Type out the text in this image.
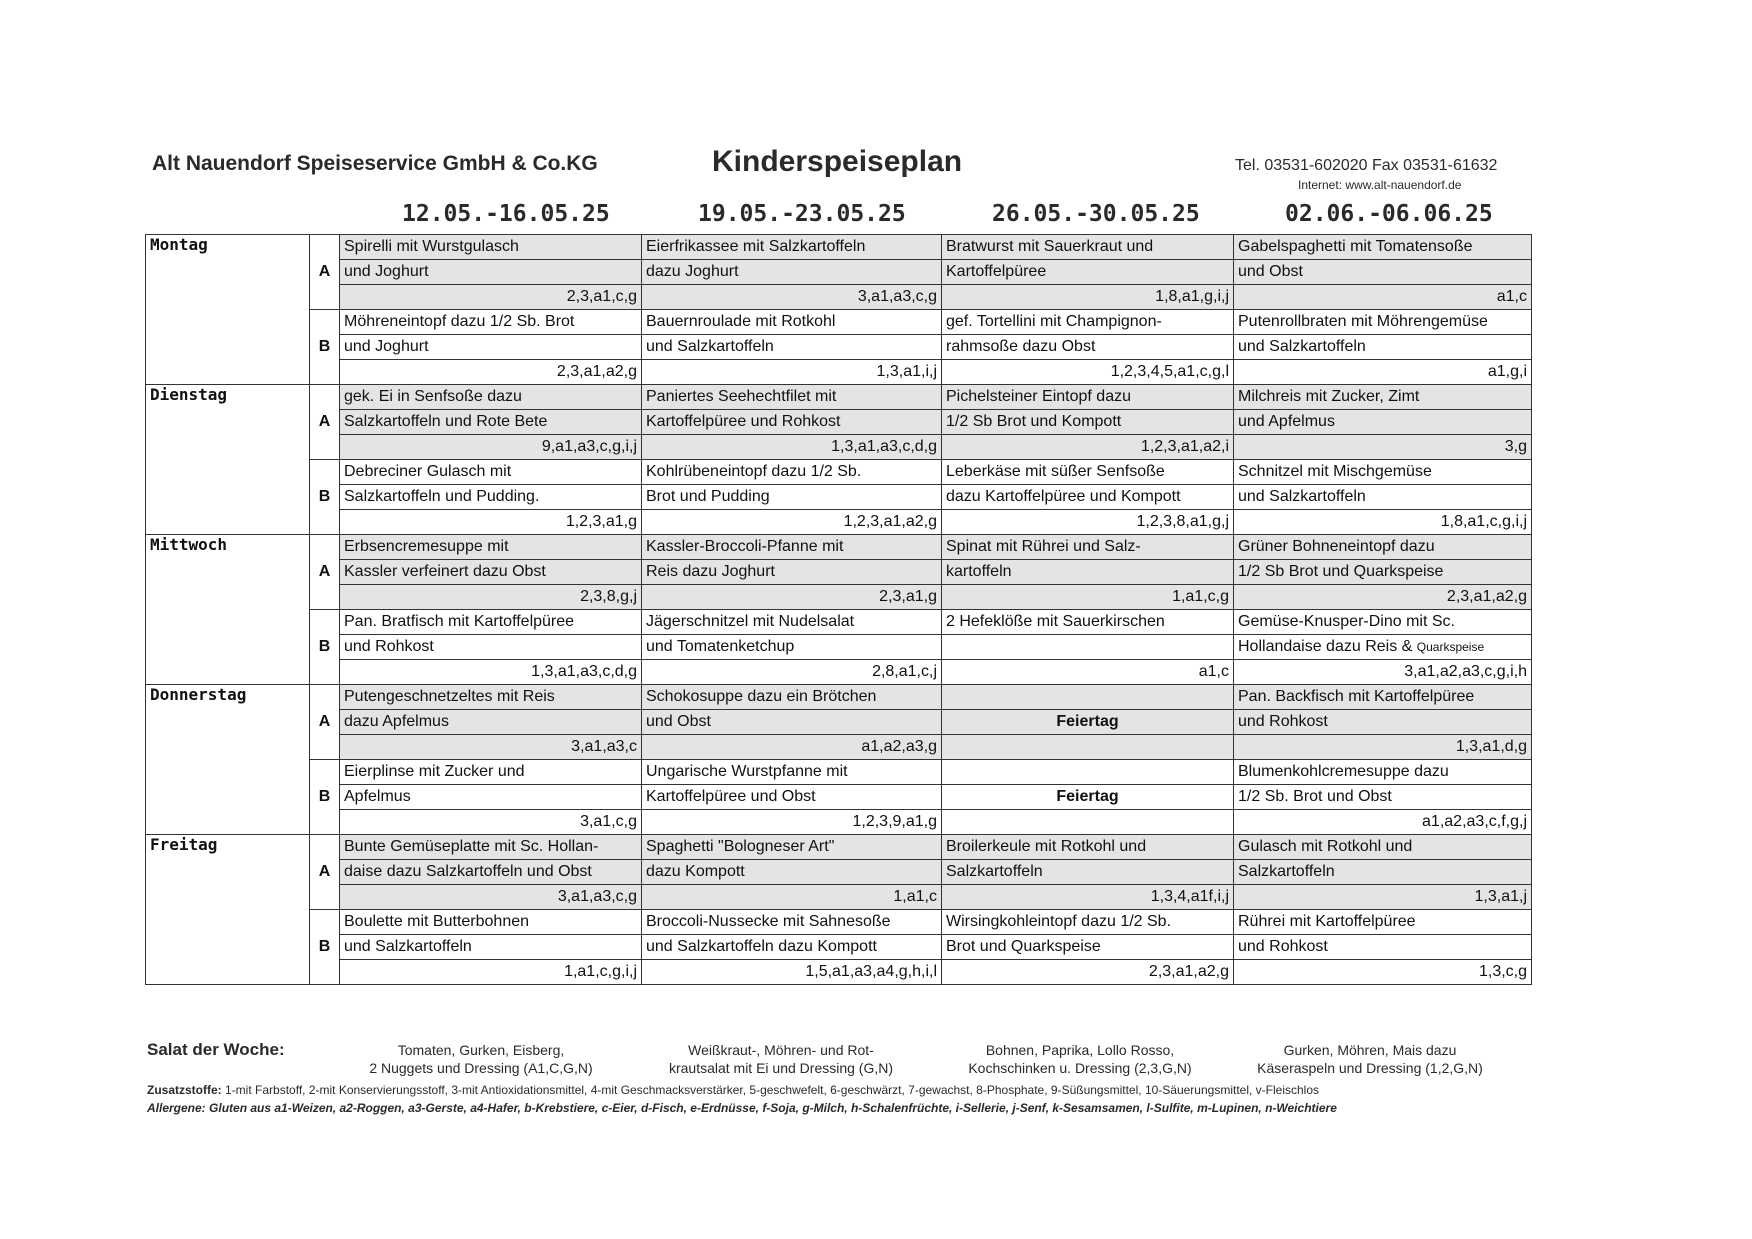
Alt Nauendorf Speiseservice GmbH & Co.KG	Kinderspeiseplan	Tel. 03531-602020 Fax 03531-61632
Internet: www.alt-nauendorf.de
12.05.-16.05.25	19.05.-23.05.25	26.05.-30.05.25	02.06.-06.06.25
Montag	A	Spirelli mit Wurstgulasch	Eierfrikassee mit Salzkartoffeln	Bratwurst mit Sauerkraut und	Gabelspaghetti mit Tomatensoße
		und Joghurt	dazu Joghurt	Kartoffelpüree	und Obst
		2,3,a1,c,g	3,a1,a3,c,g	1,8,a1,g,i,j	a1,c
	B	Möhreneintopf dazu 1/2 Sb. Brot	Bauernroulade mit Rotkohl	gef. Tortellini mit Champignon-	Putenrollbraten mit Möhrengemüse
		und Joghurt	und Salzkartoffeln	rahmsoße dazu Obst	und Salzkartoffeln
		2,3,a1,a2,g	1,3,a1,i,j	1,2,3,4,5,a1,c,g,l	a1,g,i
Dienstag	A	gek. Ei in Senfsoße dazu	Paniertes Seehechtfilet mit	Pichelsteiner Eintopf dazu	Milchreis mit Zucker, Zimt
		Salzkartoffeln und Rote Bete	Kartoffelpüree und Rohkost	1/2 Sb Brot und Kompott	und Apfelmus
		9,a1,a3,c,g,i,j	1,3,a1,a3,c,d,g	1,2,3,a1,a2,i	3,g
	B	Debreciner Gulasch mit	Kohlrübeneintopf dazu 1/2 Sb.	Leberkäse mit süßer Senfsoße	Schnitzel mit Mischgemüse
		Salzkartoffeln und Pudding.	Brot und Pudding	dazu Kartoffelpüree und Kompott	und Salzkartoffeln
		1,2,3,a1,g	1,2,3,a1,a2,g	1,2,3,8,a1,g,j	1,8,a1,c,g,i,j
Mittwoch	A	Erbsencremesuppe mit	Kassler-Broccoli-Pfanne mit	Spinat mit Rührei und Salz-	Grüner Bohneneintopf dazu
		Kassler verfeinert dazu Obst	Reis dazu Joghurt	kartoffeln	1/2 Sb Brot und Quarkspeise
		2,3,8,g,j	2,3,a1,g	1,a1,c,g	2,3,a1,a2,g
	B	Pan. Bratfisch mit Kartoffelpüree	Jägerschnitzel mit Nudelsalat	2 Hefeklöße mit Sauerkirschen	Gemüse-Knusper-Dino mit Sc.
		und Rohkost	und Tomatenketchup		Hollandaise dazu Reis & Quarkspeise
		1,3,a1,a3,c,d,g	2,8,a1,c,j	a1,c	3,a1,a2,a3,c,g,i,h
Donnerstag	A	Putengeschnetzeltes mit Reis	Schokosuppe dazu ein Brötchen		Pan. Backfisch mit Kartoffelpüree
		dazu Apfelmus	und Obst	Feiertag	und Rohkost
		3,a1,a3,c	a1,a2,a3,g		1,3,a1,d,g
	B	Eierplinse mit Zucker und	Ungarische Wurstpfanne mit		Blumenkohlcremesuppe dazu
		Apfelmus	Kartoffelpüree und Obst	Feiertag	1/2 Sb. Brot und Obst
		3,a1,c,g	1,2,3,9,a1,g		a1,a2,a3,c,f,g,j
Freitag	A	Bunte Gemüseplatte mit Sc. Hollan-	Spaghetti "Bologneser Art"	Broilerkeule mit Rotkohl und	Gulasch mit Rotkohl und
		daise dazu Salzkartoffeln und Obst	dazu Kompott	Salzkartoffeln	Salzkartoffeln
		3,a1,a3,c,g	1,a1,c	1,3,4,a1f,i,j	1,3,a1,j
	B	Boulette mit Butterbohnen	Broccoli-Nussecke mit Sahnesoße	Wirsingkohleintopf dazu 1/2 Sb.	Rührei mit Kartoffelpüree
		und Salzkartoffeln	und Salzkartoffeln dazu Kompott	Brot und Quarkspeise	und Rohkost
		1,a1,c,g,i,j	1,5,a1,a3,a4,g,h,i,l	2,3,a1,a2,g	1,3,c,g
Salat der Woche:	Tomaten, Gurken, Eisberg,
2 Nuggets und Dressing (A1,C,G,N)
Weißkraut-, Möhren- und Rot-
krautsalat mit Ei und Dressing (G,N)
Bohnen, Paprika, Lollo Rosso,
Kochschinken u. Dressing (2,3,G,N)
Gurken, Möhren, Mais dazu
Käseraspeln und Dressing (1,2,G,N)
Zusatzstoffe: 1-mit Farbstoff, 2-mit Konservierungsstoff, 3-mit Antioxidationsmittel, 4-mit Geschmacksverstärker, 5-geschwefelt, 6-geschwärzt, 7-gewachst, 8-Phosphate, 9-Süßungsmittel, 10-Säuerungsmittel, v-Fleischlos
Allergene: Gluten aus a1-Weizen, a2-Roggen, a3-Gerste, a4-Hafer, b-Krebstiere, c-Eier, d-Fisch, e-Erdnüsse, f-Soja, g-Milch, h-Schalenfrüchte, i-Sellerie, j-Senf, k-Sesamsamen, l-Sulfite, m-Lupinen, n-Weichtiere
